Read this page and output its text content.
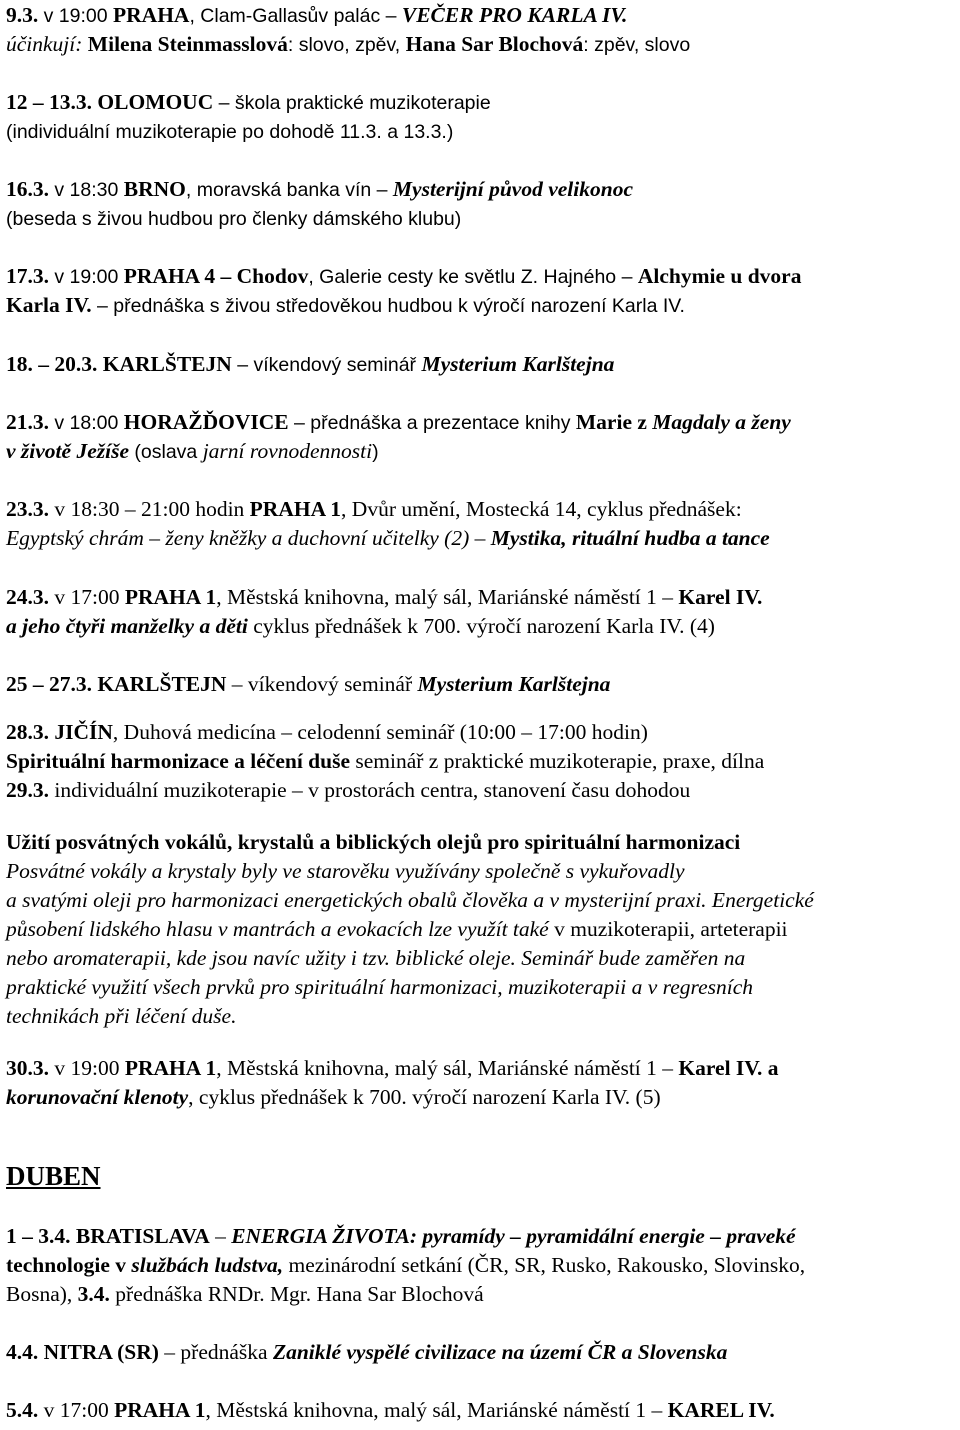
9.3. v 19:00 PRAHA, Clam-Gallasův palác – VEČER PRO KARLA IV.
účinkují: Milena Steinmasslová: slovo, zpěv, Hana Sar Blochová: zpěv, slovo
12 – 13.3. OLOMOUC – škola praktické muzikoterapie
(individuální muzikoterapie po dohodě 11.3. a 13.3.)
16.3. v 18:30 BRNO, moravská banka vín – Mysterijní původ velikonoc
(beseda s živou hudbou pro členky dámského klubu)
17.3. v 19:00 PRAHA 4 – Chodov, Galerie cesty ke světlu Z. Hajného – Alchymie u dvora
Karla IV. – přednáška s živou středověkou hudbou k výročí narození Karla IV.
18. – 20.3. KARLŠTEJN – víkendový seminář Mysterium Karlštejna
21.3. v 18:00 HORAŽĎOVICE – přednáška a prezentace knihy Marie z Magdaly a ženy
v životě Ježíše (oslava jarní rovnodennosti)
23.3. v 18:30 – 21:00 hodin PRAHA 1, Dvůr umění, Mostecká 14, cyklus přednášek:
Egyptský chrám – ženy kněžky a duchovní učitelky (2) – Mystika, rituální hudba a tance
24.3. v 17:00 PRAHA 1, Městská knihovna, malý sál, Mariánské náměstí 1 – Karel IV.
a jeho čtyři manželky a děti cyklus přednášek k 700. výročí narození Karla IV. (4)
25 – 27.3. KARLŠTEJN – víkendový seminář Mysterium Karlštejna
28.3. JIČÍN, Duhová medicína – celodenní seminář (10:00 – 17:00 hodin)
Spirituální harmonizace a léčení duše seminář z praktické muzikoterapie, praxe, dílna
29.3. individuální muzikoterapie – v prostorách centra, stanovení času dohodou
Užití posvátných vokálů, krystalů a biblických olejů pro spirituální harmonizaci
Posvátné vokály a krystaly byly ve starověku využívány společně s vykuřovadly
a svatými oleji pro harmonizaci energetických obalů člověka a v mysterijní praxi. Energetické
působení lidského hlasu v mantrách a evokacích lze využít také v muzikoterapii, arteterapii
nebo aromaterapii, kde jsou navíc užity i tzv. biblické oleje. Seminář bude zaměřen na
praktické využití všech prvků pro spirituální harmonizaci, muzikoterapii a v regresních
technikách při léčení duše.
30.3. v 19:00 PRAHA 1, Městská knihovna, malý sál, Mariánské náměstí 1 – Karel IV. a
korunovační klenoty, cyklus přednášek k 700. výročí narození Karla IV. (5)
DUBEN
1 – 3.4. BRATISLAVA – ENERGIA ŽIVOTA: pyramídy – pyramidální energie – praveké
technologie v službách ludstva, mezinárodní setkání (ČR, SR, Rusko, Rakousko, Slovinsko,
Bosna), 3.4. přednáška RNDr. Mgr. Hana Sar Blochová
4.4. NITRA (SR) – přednáška Zaniklé vyspělé civilizace na území ČR a Slovenska
5.4. v 17:00 PRAHA 1, Městská knihovna, malý sál, Mariánské náměstí 1 – KAREL IV.
